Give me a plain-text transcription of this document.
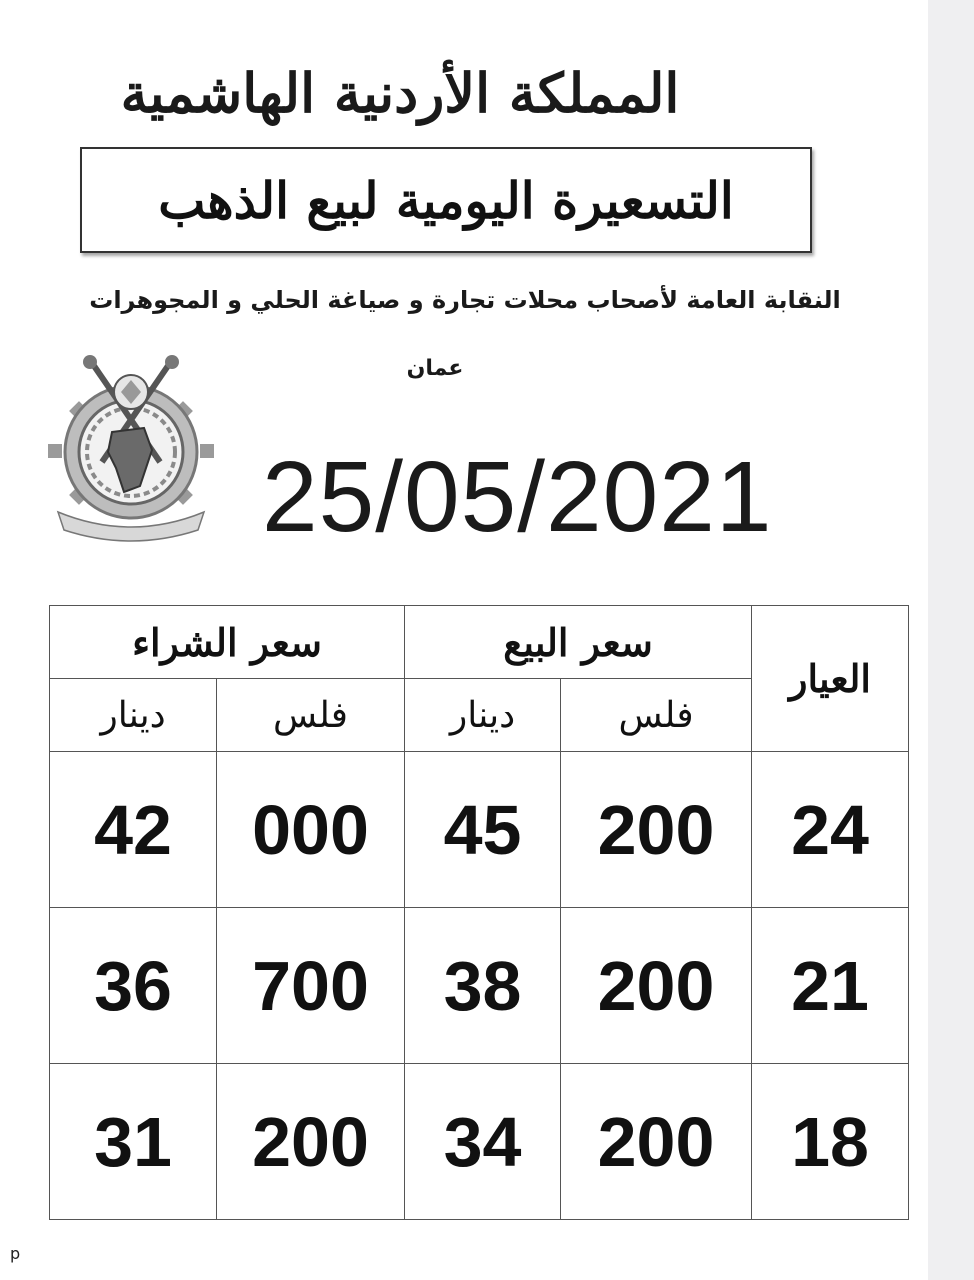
المملكة الأردنية الهاشمية
التسعيرة اليومية لبيع الذهب
النقابة العامة لأصحاب محلات تجارة و صياغة الحلي و المجوهرات
عمان
25/05/2021
سعر الشراء		سعر البيع		العيار
دينار	فلس	دينار	فلس	
42	000	45	200	24
36	700	38	200	21
31	200	34	200	18
p
